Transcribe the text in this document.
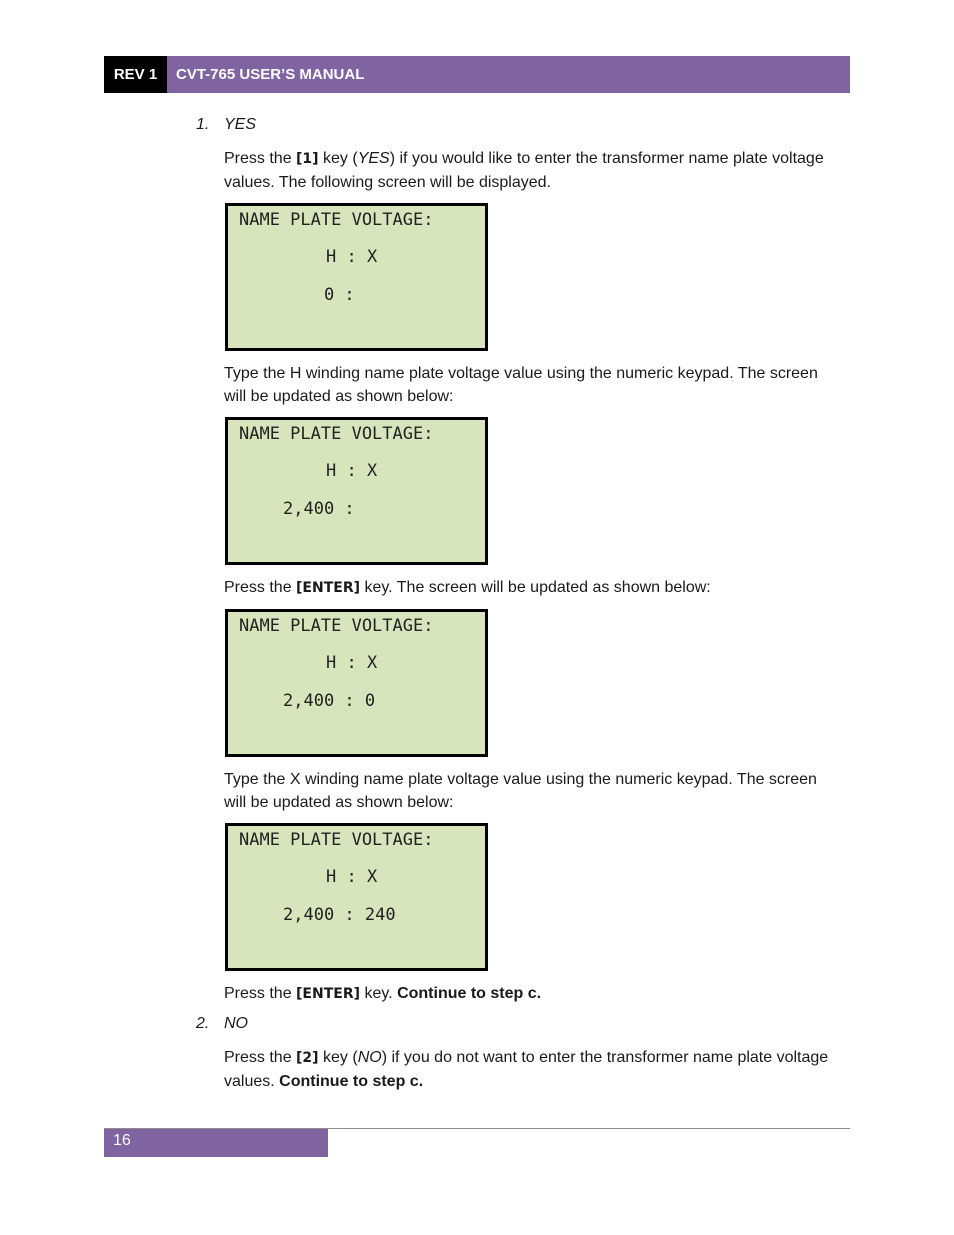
REV 1	CVT-765 USER’S MANUAL
1. YES
Press the [1] key (YES) if you would like to enter the transformer name plate voltage values. The following screen will be displayed.
NAME PLATE VOLTAGE:
H : X
0 :
Type the H winding name plate voltage value using the numeric keypad. The screen will be updated as shown below:
NAME PLATE VOLTAGE:
H : X
2,400 :
Press the [ENTER] key. The screen will be updated as shown below:
NAME PLATE VOLTAGE:
H : X
2,400 : 0
Type the X winding name plate voltage value using the numeric keypad. The screen will be updated as shown below:
NAME PLATE VOLTAGE:
H : X
2,400 : 240
Press the [ENTER] key. Continue to step c.
2. NO
Press the [2] key (NO) if you do not want to enter the transformer name plate voltage values. Continue to step c.
16
